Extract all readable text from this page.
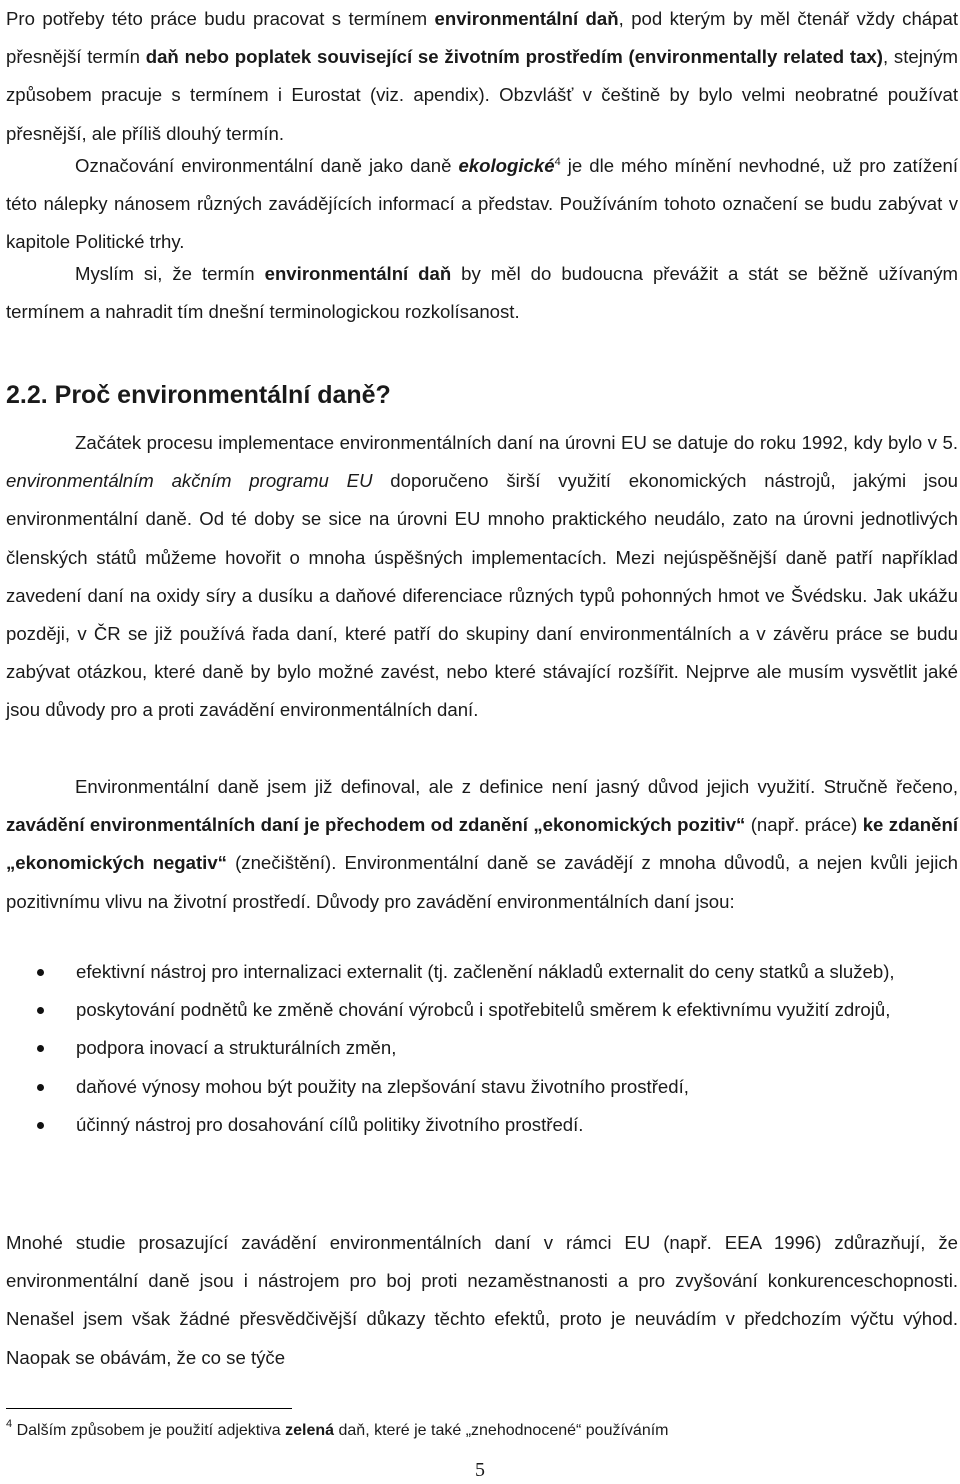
Pro potřeby této práce budu pracovat s termínem environmentální daň, pod kterým by měl čtenář vždy chápat přesnější termín daň nebo poplatek související se životním prostředím (environmentally related tax), stejným způsobem pracuje s termínem i Eurostat (viz. apendix). Obzvlášť v češtině by bylo velmi neobratné používat přesnější, ale příliš dlouhý termín.

Označování environmentální daně jako daně ekologické$^4$ je dle mého mínění nevhodné, už pro zatížení této nálepky nánosem různých zavádějících informací a představ. Používáním tohoto označení se budu zabývat v kapitole Politické trhy.

Myslím si, že termín environmentální daň by měl do budoucna převážit a stát se běžně užívaným termínem a nahradit tím dnešní terminologickou rozkolísanost.

2.2. Proč environmentální daně?

Začátek procesu implementace environmentálních daní na úrovni EU se datuje do roku 1992, kdy bylo v 5. environmentálním akčním programu EU doporučeno širší využití ekonomických nástrojů, jakými jsou environmentální daně. Od té doby se sice na úrovni EU mnoho praktického neudálo, zato na úrovni jednotlivých členských států můžeme hovořit o mnoha úspěšných implementacích. Mezi nejúspěšnější daně patří například zavedení daní na oxidy síry a dusíku a daňové diferenciace různých typů pohonných hmot ve Švédsku. Jak ukážu později, v ČR se již používá řada daní, které patří do skupiny daní environmentálních a v závěru práce se budu zabývat otázkou, které daně by bylo možné zavést, nebo které stávající rozšířit. Nejprve ale musím vysvětlit jaké jsou důvody pro a proti zavádění environmentálních daní.

Environmentální daně jsem již definoval, ale z definice není jasný důvod jejich využití. Stručně řečeno, zavádění environmentálních daní je přechodem od zdanění „ekonomických pozitiv“ (např. práce) ke zdanění „ekonomických negativ“ (znečištění). Environmentální daně se zavádějí z mnoha důvodů, a nejen kvůli jejich pozitivnímu vlivu na životní prostředí. Důvody pro zavádění environmentálních daní jsou:

efektivní nástroj pro internalizaci externalit (tj. začlenění nákladů externalit do ceny statků a služeb),
poskytování podnětů ke změně chování výrobců i spotřebitelů směrem k efektivnímu využití zdrojů,
podpora inovací a strukturálních změn,
daňové výnosy mohou být použity na zlepšování stavu životního prostředí,
účinný nástroj pro dosahování cílů politiky životního prostředí.

Mnohé studie prosazující zavádění environmentálních daní v rámci EU (např. EEA 1996) zdůrazňují, že environmentální daně jsou i nástrojem pro boj proti nezaměstnanosti a pro zvyšování konkurenceschopnosti. Nenašel jsem však žádné přesvědčivější důkazy těchto efektů, proto je neuvádím v předchozím výčtu výhod. Naopak se obávám, že co se týče

$^4$ Dalším způsobem je použití adjektiva zelená daň, které je také „znehodnocené“ používáním

5
